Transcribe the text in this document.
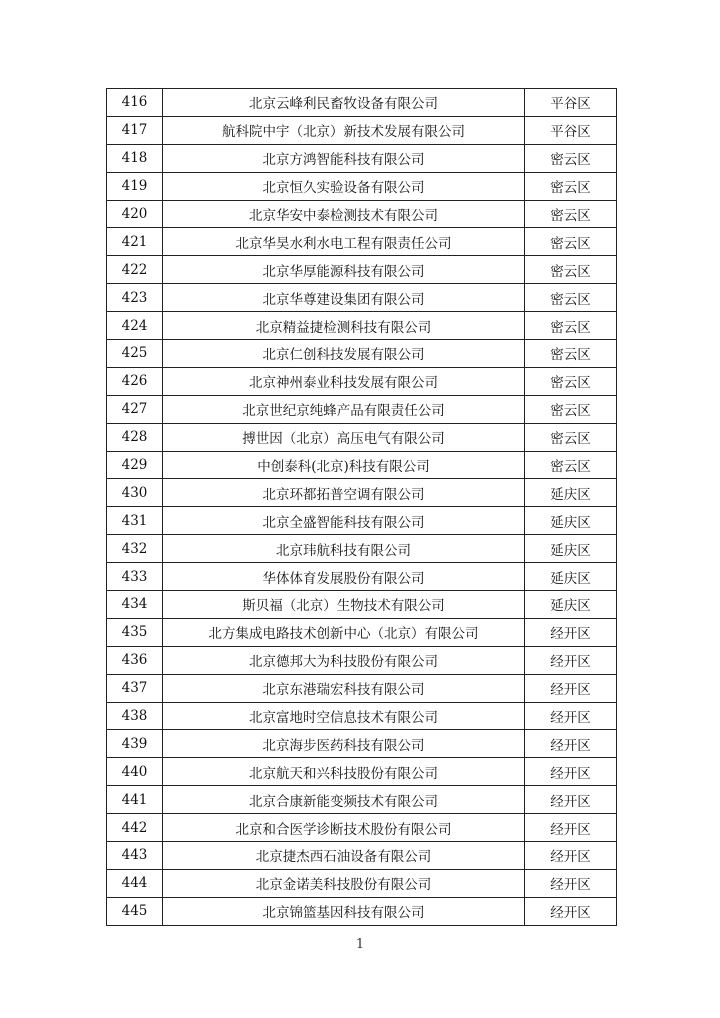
416	北京云峰利民畜牧设备有限公司	平谷区
417	航科院中宇（北京）新技术发展有限公司	平谷区
418	北京方鸿智能科技有限公司	密云区
419	北京恒久实验设备有限公司	密云区
420	北京华安中泰检测技术有限公司	密云区
421	北京华昊水利水电工程有限责任公司	密云区
422	北京华厚能源科技有限公司	密云区
423	北京华尊建设集团有限公司	密云区
424	北京精益捷检测科技有限公司	密云区
425	北京仁创科技发展有限公司	密云区
426	北京神州泰业科技发展有限公司	密云区
427	北京世纪京纯蜂产品有限责任公司	密云区
428	搏世因（北京）高压电气有限公司	密云区
429	中创泰科(北京)科技有限公司	密云区
430	北京环都拓普空调有限公司	延庆区
431	北京全盛智能科技有限公司	延庆区
432	北京玮航科技有限公司	延庆区
433	华体体育发展股份有限公司	延庆区
434	斯贝福（北京）生物技术有限公司	延庆区
435	北方集成电路技术创新中心（北京）有限公司	经开区
436	北京德邦大为科技股份有限公司	经开区
437	北京东港瑞宏科技有限公司	经开区
438	北京富地时空信息技术有限公司	经开区
439	北京海步医药科技有限公司	经开区
440	北京航天和兴科技股份有限公司	经开区
441	北京合康新能变频技术有限公司	经开区
442	北京和合医学诊断技术股份有限公司	经开区
443	北京捷杰西石油设备有限公司	经开区
444	北京金诺美科技股份有限公司	经开区
445	北京锦篮基因科技有限公司	经开区
1
